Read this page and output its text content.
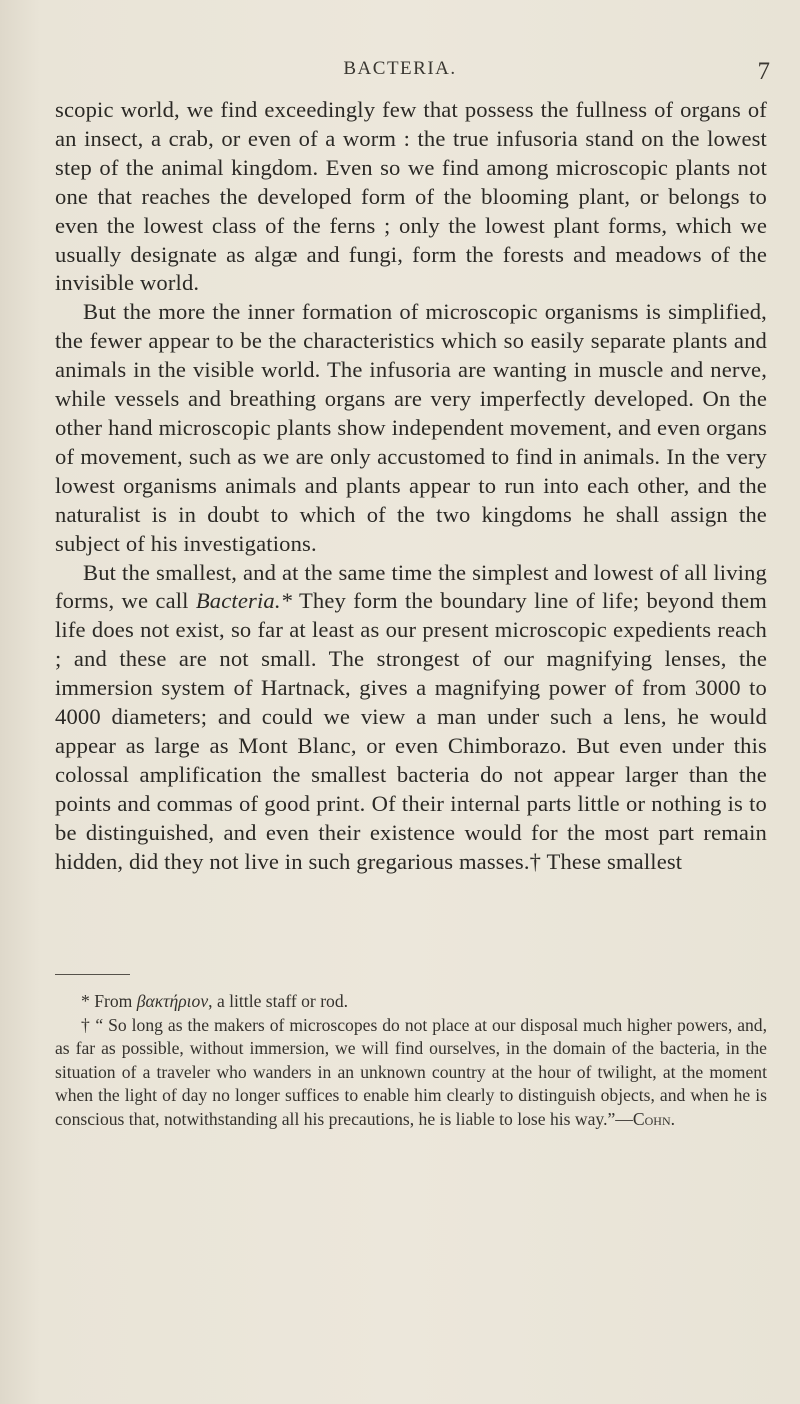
BACTERIA.	7

scopic world, we find exceedingly few that possess the fullness of organs of an insect, a crab, or even of a worm : the true infusoria stand on the lowest step of the animal kingdom. Even so we find among microscopic plants not one that reaches the developed form of the blooming plant, or belongs to even the lowest class of the ferns ; only the lowest plant forms, which we usually designate as algæ and fungi, form the forests and meadows of the invisible world.

But the more the inner formation of microscopic organisms is simplified, the fewer appear to be the characteristics which so easily separate plants and animals in the visible world. The infusoria are wanting in muscle and nerve, while vessels and breathing organs are very imperfectly developed. On the other hand microscopic plants show independent movement, and even organs of movement, such as we are only accustomed to find in animals. In the very lowest organisms animals and plants appear to run into each other, and the naturalist is in doubt to which of the two kingdoms he shall assign the subject of his investigations.

But the smallest, and at the same time the simplest and lowest of all living forms, we call Bacteria.* They form the boundary line of life; beyond them life does not exist, so far at least as our present microscopic expedients reach ; and these are not small. The strongest of our magnifying lenses, the immersion system of Hartnack, gives a magnifying power of from 3000 to 4000 diameters; and could we view a man under such a lens, he would appear as large as Mont Blanc, or even Chimborazo. But even under this colossal amplification the smallest bacteria do not appear larger than the points and commas of good print. Of their internal parts little or nothing is to be distinguished, and even their existence would for the most part remain hidden, did they not live in such gregarious masses.† These smallest

* From βακτήριον, a little staff or rod.

† “ So long as the makers of microscopes do not place at our disposal much higher powers, and, as far as possible, without immersion, we will find ourselves, in the domain of the bacteria, in the situation of a traveler who wanders in an unknown country at the hour of twilight, at the moment when the light of day no longer suffices to enable him clearly to distinguish objects, and when he is conscious that, notwithstanding all his precautions, he is liable to lose his way.”—Cohn.
